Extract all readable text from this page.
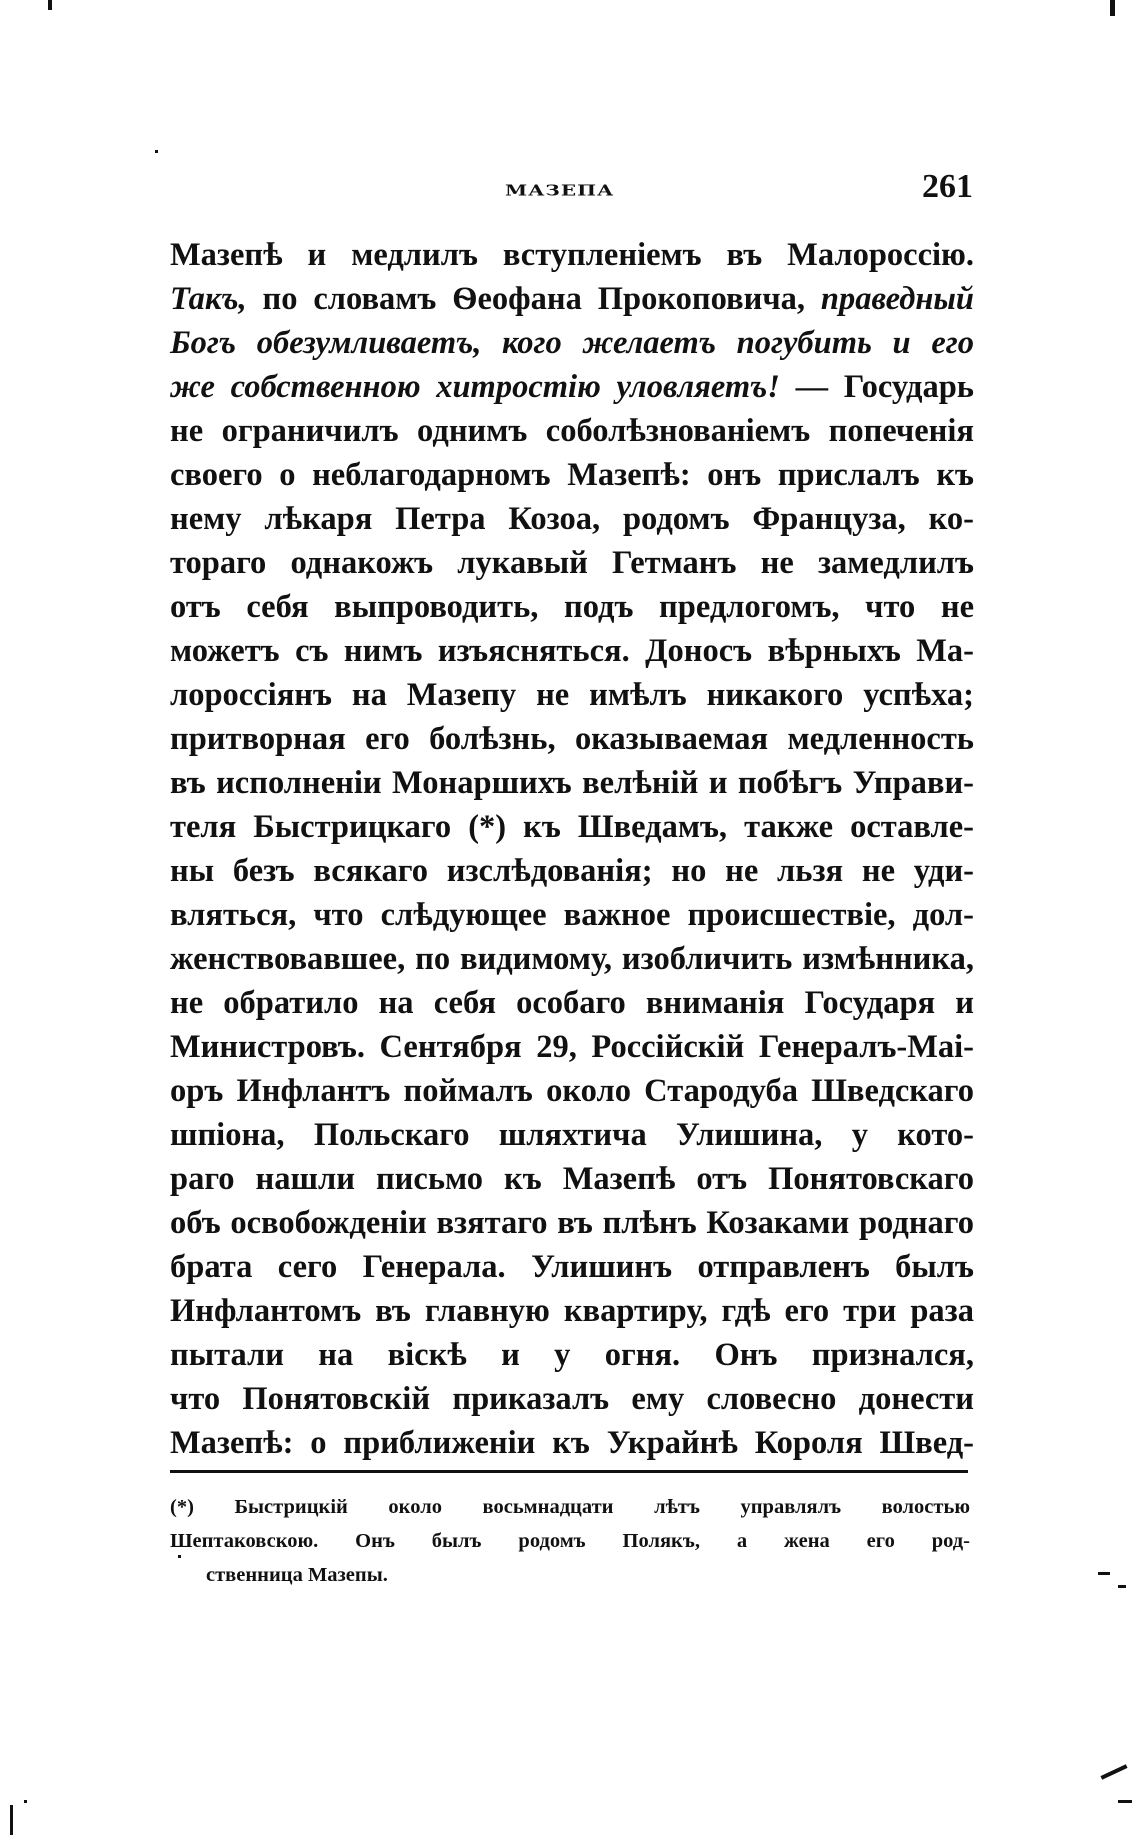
МАЗЕПА	261
Мазепѣ и медлилъ вступленіемъ въ Малороссію.
Такъ, по словамъ Ѳеофана Прокоповича, праведный
Богъ обезумливаетъ, кого желаетъ погубить и его
же собственною хитростію уловляетъ! — Государь
не ограничилъ однимъ соболѣзнованіемъ попеченія
своего о неблагодарномъ Мазепѣ: онъ прислалъ къ
нему лѣкаря Петра Козоа, родомъ Француза, ко-
тораго однакожъ лукавый Гетманъ не замедлилъ
отъ себя выпроводить, подъ предлогомъ, что не
можетъ съ нимъ изъясняться. Доносъ вѣрныхъ Ма-
лороссіянъ на Мазепу не имѣлъ никакого успѣха;
притворная его болѣзнь, оказываемая медленность
въ исполненіи Монаршихъ велѣній и побѣгъ Управи-
теля Быстрицкаго (*) къ Шведамъ, также оставле-
ны безъ всякаго изслѣдованія; но не льзя не уди-
вляться, что слѣдующее важное происшествіе, дол-
женствовавшее, по видимому, изобличить измѣнника,
не обратило на себя особаго вниманія Государя и
Министровъ. Сентября 29, Россійскій Генералъ-Маі-
оръ Инфлантъ поймалъ около Стародуба Шведскаго
шпіона, Польскаго шляхтича Улишина, у кото-
раго нашли письмо къ Мазепѣ отъ Понятовскаго
объ освобожденіи взятаго въ плѣнъ Козаками роднаго
брата сего Генерала. Улишинъ отправленъ былъ
Инфлантомъ въ главную квартиру, гдѣ его три раза
пытали на віскѣ и у огня. Онъ признался,
что Понятовскій приказалъ ему словесно донести
Мазепѣ: о приближеніи къ Украйнѣ Короля Швед-
(*) Быстрицкій около восьмнадцати лѣтъ управлялъ волостью
Шептаковскою. Онъ былъ родомъ Полякъ, а жена его род-
ственница Мазепы.
